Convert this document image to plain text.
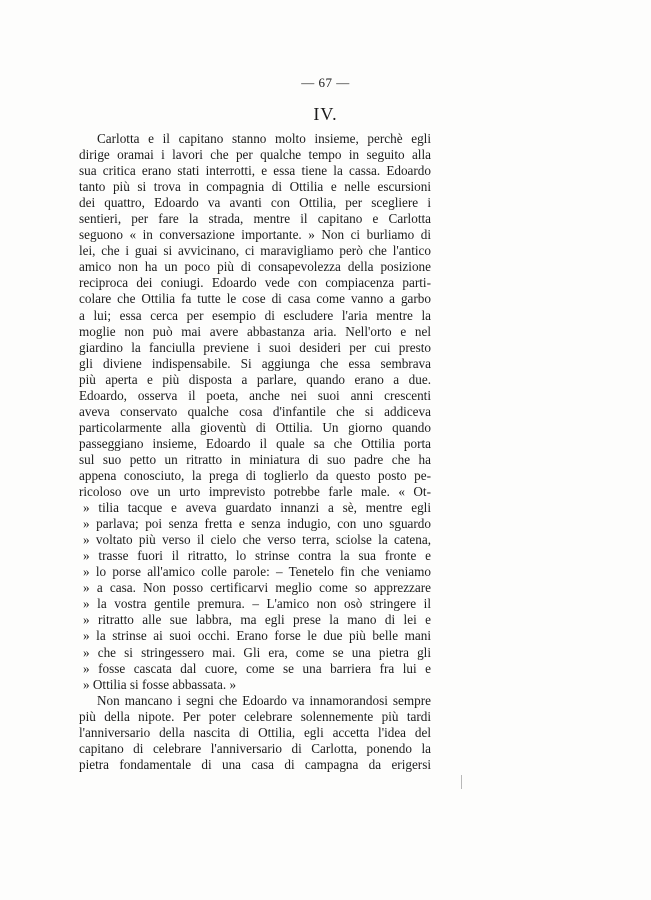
— 67 —
IV.
Carlotta e il capitano stanno molto insieme, perchè egli
dirige oramai i lavori che per qualche tempo in seguito alla
sua critica erano stati interrotti, e essa tiene la cassa. Edoardo
tanto più si trova in compagnia di Ottilia e nelle escursioni
dei quattro, Edoardo va avanti con Ottilia, per scegliere i
sentieri, per fare la strada, mentre il capitano e Carlotta
seguono « in conversazione importante. » Non ci burliamo di
lei, che i guai si avvicinano, ci maravigliamo però che l'antico
amico non ha un poco più di consapevolezza della posizione
reciproca dei coniugi. Edoardo vede con compiacenza parti-
colare che Ottilia fa tutte le cose di casa come vanno a garbo
a lui; essa cerca per esempio di escludere l'aria mentre la
moglie non può mai avere abbastanza aria. Nell'orto e nel
giardino la fanciulla previene i suoi desideri per cui presto
gli diviene indispensabile. Si aggiunga che essa sembrava
più aperta e più disposta a parlare, quando erano a due.
Edoardo, osserva il poeta, anche nei suoi anni crescenti
aveva conservato qualche cosa d'infantile che si addiceva
particolarmente alla gioventù di Ottilia. Un giorno quando
passeggiano insieme, Edoardo il quale sa che Ottilia porta
sul suo petto un ritratto in miniatura di suo padre che ha
appena conosciuto, la prega di toglierlo da questo posto pe-
ricoloso ove un urto imprevisto potrebbe farle male. « Ot-
» tilia tacque e aveva guardato innanzi a sè, mentre egli
» parlava; poi senza fretta e senza indugio, con uno sguardo
» voltato più verso il cielo che verso terra, sciolse la catena,
» trasse fuori il ritratto, lo strinse contra la sua fronte e
» lo porse all'amico colle parole: – Tenetelo fin che veniamo
» a casa. Non posso certificarvi meglio come so apprezzare
» la vostra gentile premura. – L'amico non osò stringere il
» ritratto alle sue labbra, ma egli prese la mano di lei e
» la strinse ai suoi occhi. Erano forse le due più belle mani
» che si stringessero mai. Gli era, come se una pietra gli
» fosse cascata dal cuore, come se una barriera fra lui e
» Ottilia si fosse abbassata. »
Non mancano i segni che Edoardo va innamorandosi sempre
più della nipote. Per poter celebrare solennemente più tardi
l'anniversario della nascita di Ottilia, egli accetta l'idea del
capitano di celebrare l'anniversario di Carlotta, ponendo la
pietra fondamentale di una casa di campagna da erigersi
